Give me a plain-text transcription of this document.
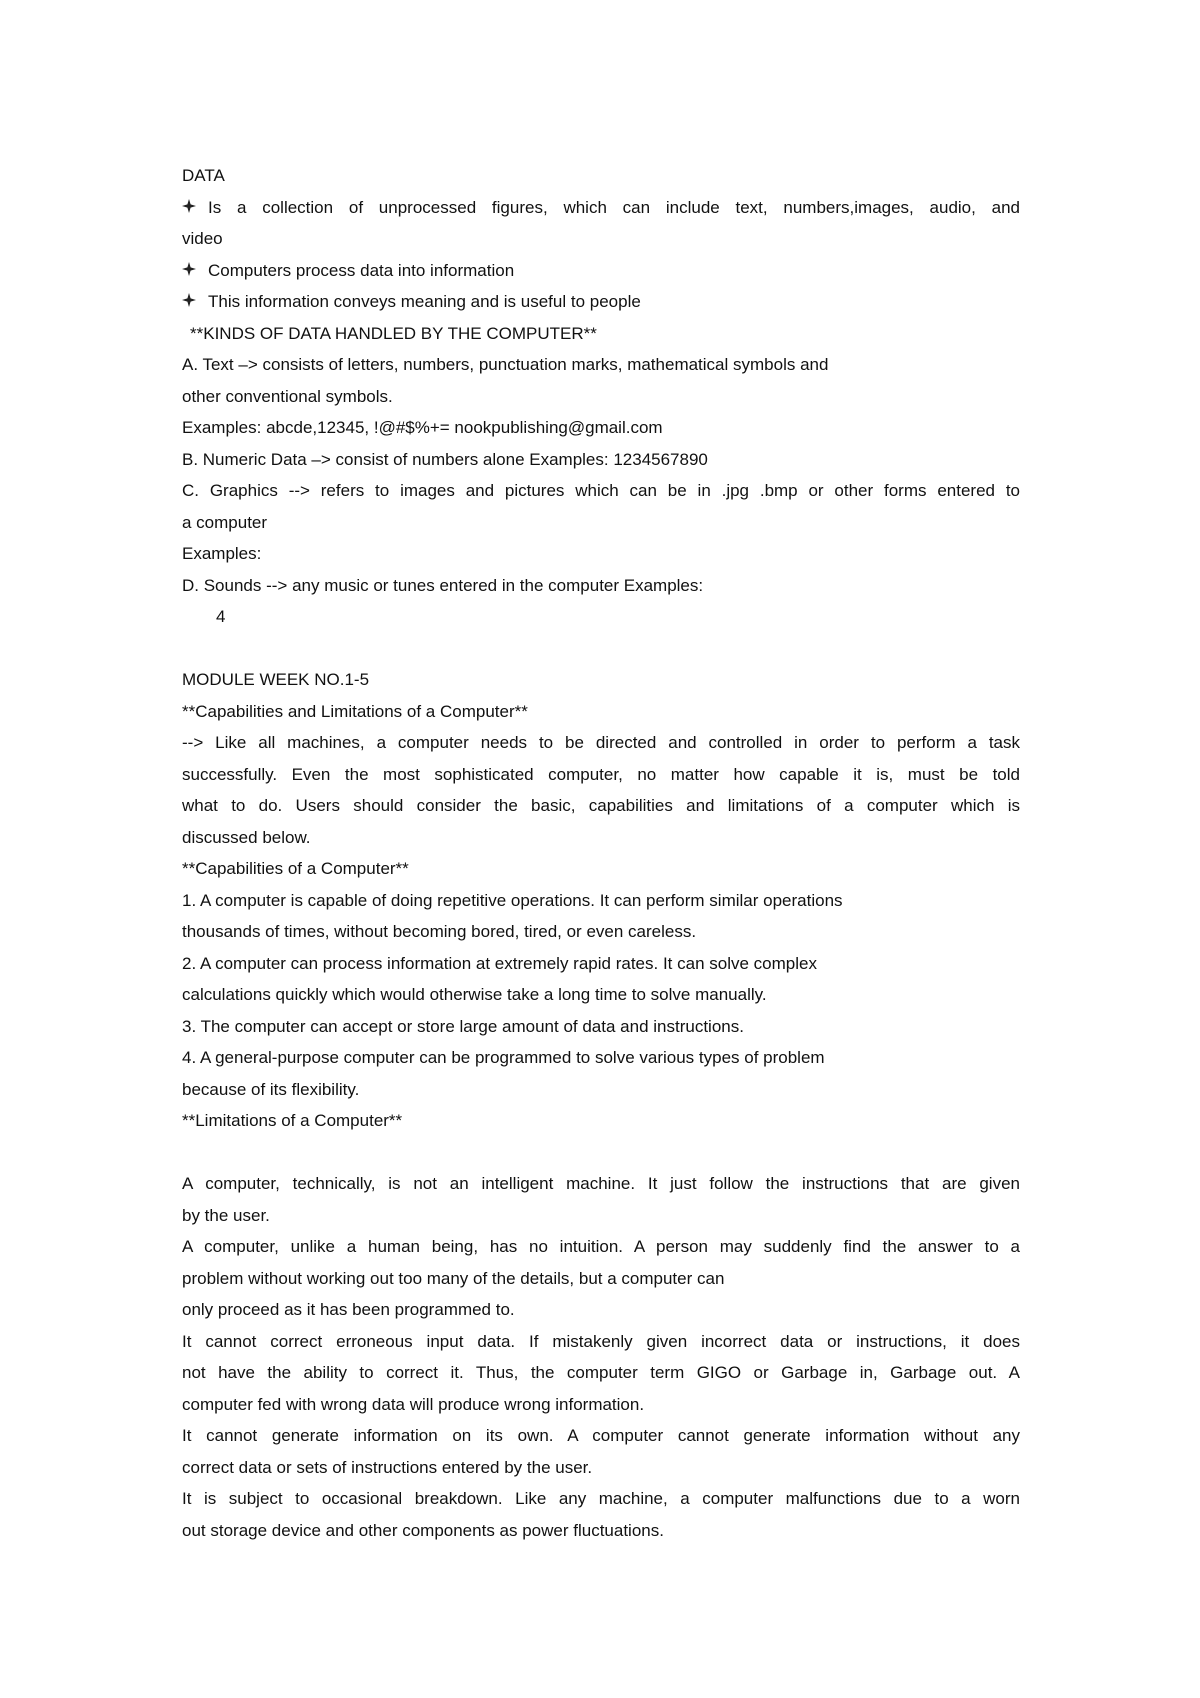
DATA
Is a collection of unprocessed figures, which can include text, numbers,images, audio, and
video
Computers process data into information
This information conveys meaning and is useful to people
**KINDS OF DATA HANDLED BY THE COMPUTER**
A. Text –> consists of letters, numbers, punctuation marks, mathematical symbols and
other conventional symbols.
Examples: abcde,12345, !@#$%+= nookpublishing@gmail.com
B. Numeric Data –> consist of numbers alone Examples: 1234567890
C. Graphics --> refers to images and pictures which can be in .jpg .bmp or other forms entered to
a computer
Examples:
D. Sounds --> any music or tunes entered in the computer Examples:
4
MODULE WEEK NO.1-5
**Capabilities and Limitations of a Computer**
--> Like all machines, a computer needs to be directed and controlled in order to perform a task
successfully. Even the most sophisticated computer, no matter how capable it is, must be told
what to do. Users should consider the basic, capabilities and limitations of a computer which is
discussed below.
**Capabilities of a Computer**
1. A computer is capable of doing repetitive operations. It can perform similar operations
thousands of times, without becoming bored, tired, or even careless.
2. A computer can process information at extremely rapid rates. It can solve complex
calculations quickly which would otherwise take a long time to solve manually.
3. The computer can accept or store large amount of data and instructions.
4. A general-purpose computer can be programmed to solve various types of problem
because of its flexibility.
**Limitations of a Computer**
A computer, technically, is not an intelligent machine. It just follow the instructions that are given
by the user.
A computer, unlike a human being, has no intuition. A person may suddenly find the answer to a
problem without working out too many of the details, but a computer can
only proceed as it has been programmed to.
It cannot correct erroneous input data. If mistakenly given incorrect data or instructions, it does
not have the ability to correct it. Thus, the computer term GIGO or Garbage in, Garbage out. A
computer fed with wrong data will produce wrong information.
It cannot generate information on its own. A computer cannot generate information without any
correct data or sets of instructions entered by the user.
It is subject to occasional breakdown. Like any machine, a computer malfunctions due to a worn
out storage device and other components as power fluctuations.
